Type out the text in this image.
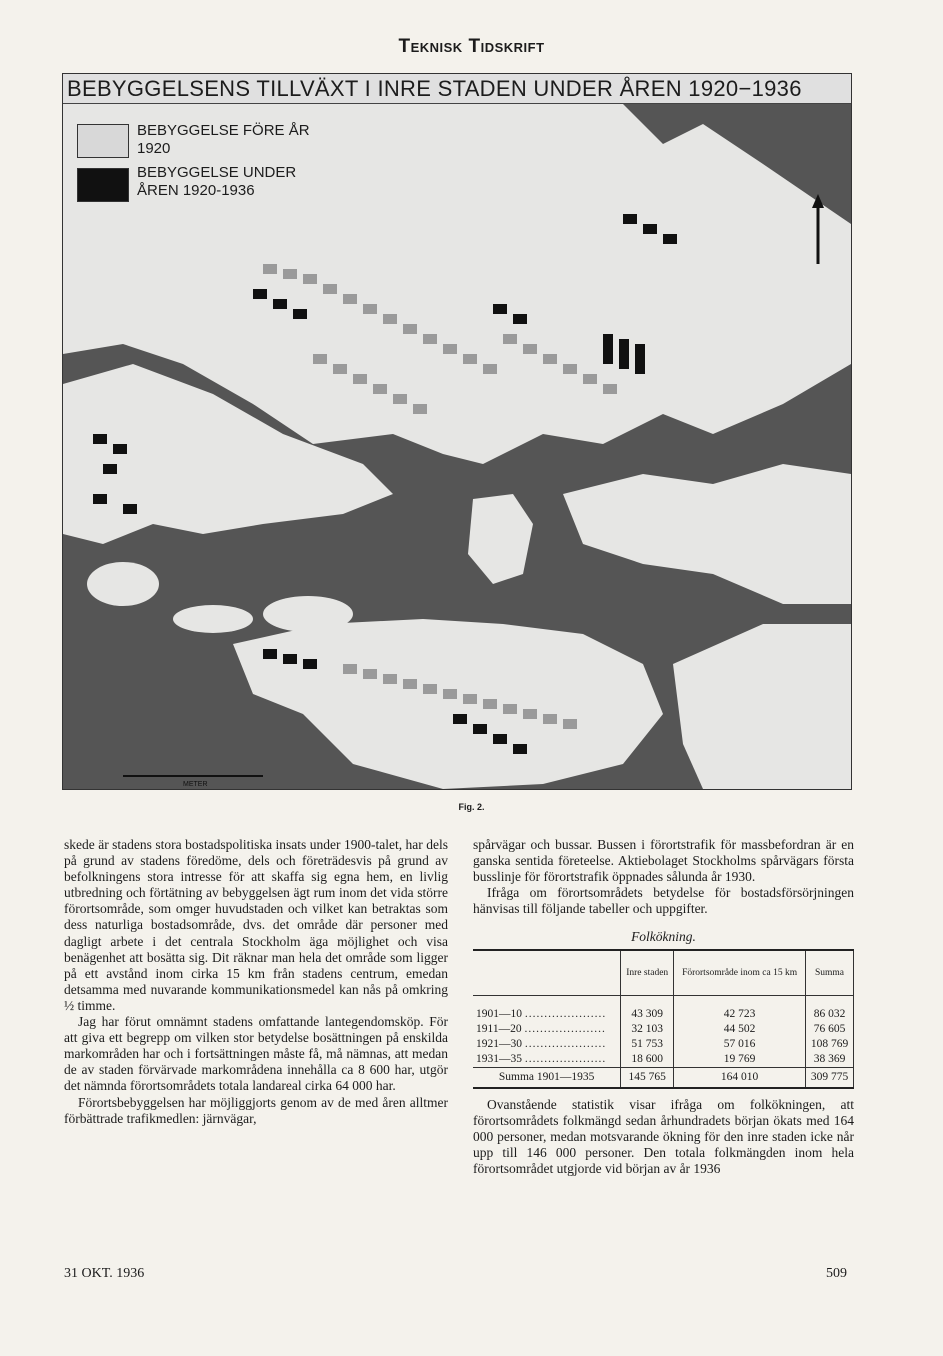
Teknisk Tidskrift
BEBYGGELSENS TILLVÄXT I INRE STADEN UNDER ÅREN 1920−1936
METER
BEBYGGELSE FÖRE ÅR 1920
BEBYGGELSE UNDER ÅREN 1920-1936
Fig. 2.

skede är stadens stora bostadspolitiska insats under 1900-talet, har dels på grund av stadens föredöme, dels och företrädesvis på grund av befolkningens stora intresse för att skaffa sig egna hem, en livlig utbredning och förtätning av bebyggelsen ägt rum inom det vida större förortsområde, som omger huvudstaden och vilket kan betraktas som dess naturliga bostadsområde, dvs. det område där personer med dagligt arbete i det centrala Stockholm äga möjlighet och visa benägenhet att bosätta sig. Dit räknar man hela det område som ligger på ett avstånd inom cirka 15 km från stadens centrum, emedan detsamma med nuvarande kommunikationsmedel kan nås på omkring ½ timme.

Jag har förut omnämnt stadens omfattande lantegendomsköp. För att giva ett begrepp om vilken stor betydelse bosättningen på enskilda markområden har och i fortsättningen måste få, må nämnas, att medan de av staden förvärvade markområdena innehålla ca 8 600 har, utgör det nämnda förortsområdets totala landareal cirka 64 000 har.

Förortsbebyggelsen har möjliggjorts genom av de med åren alltmer förbättrade trafikmedlen: järnvägar,

spårvägar och bussar. Bussen i förortstrafik för massbefordran är en ganska sentida företeelse. Aktiebolaget Stockholms spårvägars första busslinje för förortstrafik öppnades sålunda år 1930.

Ifråga om förortsområdets betydelse för bostadsförsörjningen hänvisas till följande tabeller och uppgifter.

Folkökning.
	Inre staden	Förortsområde inom ca 15 km	Summa
1901—10 .....................	43 309	42 723	86 032
1911—20 .....................	32 103	44 502	76 605
1921—30 .....................	51 753	57 016	108 769
1931—35 .....................	18 600	19 769	38 369
Summa 1901—1935	145 765	164 010	309 775

Ovanstående statistik visar ifråga om folkökningen, att förortsområdets folkmängd sedan århundradets början ökats med 164 000 personer, medan motsvarande ökning för den inre staden icke når upp till 146 000 personer. Den totala folkmängden inom hela förortsområdet utgjorde vid början av år 1936

31 OKT. 1936	509
